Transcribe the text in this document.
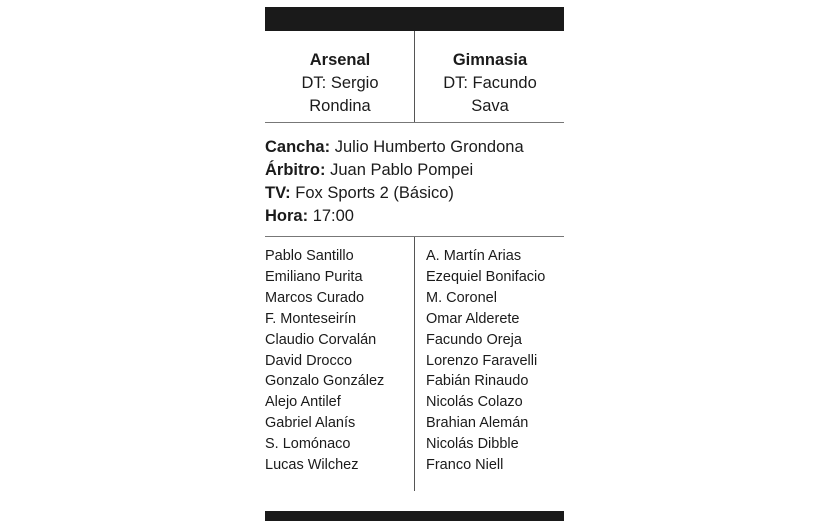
Arsenal
DT: Sergio Rondina
Gimnasia
DT: Facundo Sava
Cancha: Julio Humberto Grondona
Árbitro: Juan Pablo Pompei
TV: Fox Sports 2 (Básico)
Hora: 17:00
Pablo Santillo
Emiliano Purita
Marcos Curado
F. Monteseirín
Claudio Corvalán
David Drocco
Gonzalo González
Alejo Antilef
Gabriel Alanís
S. Lomónaco
Lucas Wilchez
A. Martín Arias
Ezequiel Bonifacio
M. Coronel
Omar Alderete
Facundo Oreja
Lorenzo Faravelli
Fabián Rinaudo
Nicolás Colazo
Brahian Alemán
Nicolás Dibble
Franco Niell
